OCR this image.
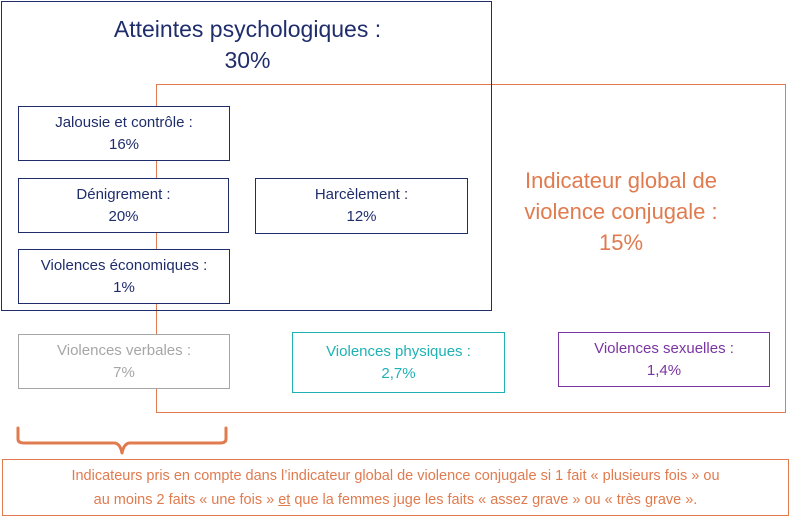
Atteintes psychologiques :
30%
Indicateur global de
violence conjugale :
15%
Jalousie et contrôle :
16%
Dénigrement :
20%
Harcèlement :
12%
Violences économiques :
1%
Violences verbales :
7%
Violences physiques :
2,7%
Violences sexuelles :
1,4%
Indicateurs pris en compte dans l’indicateur global de violence conjugale si 1 fait « plusieurs fois » ou
au moins 2 faits « une fois » et que la femmes juge les faits « assez grave » ou « très grave ».
